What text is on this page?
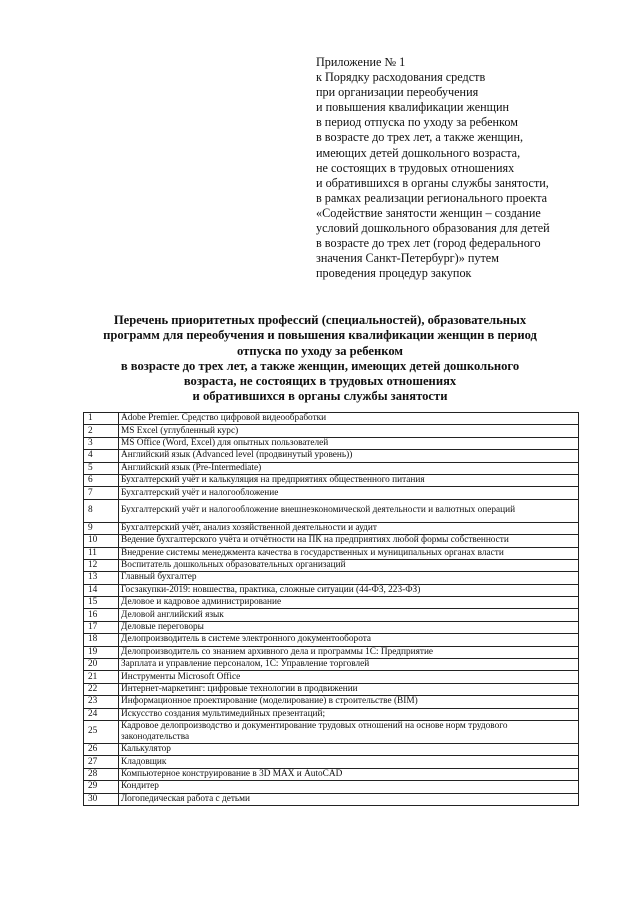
Приложение № 1
к Порядку расходования средств
при организации переобучения
и повышения квалификации женщин
в период отпуска по уходу за ребенком
в возрасте до трех лет, а также женщин,
имеющих детей дошкольного возраста,
не состоящих в трудовых отношениях
и обратившихся в органы службы занятости,
в рамках реализации регионального проекта
«Содействие занятости женщин – создание
условий дошкольного образования для детей
в возрасте до трех лет (город федерального
значения Санкт-Петербург)» путем
проведения процедур закупок
Перечень приоритетных профессий (специальностей), образовательных
программ для переобучения и повышения квалификации женщин в период
отпуска по уходу за ребенком
в возрасте до трех лет, а также женщин, имеющих детей дошкольного
возраста, не состоящих в трудовых отношениях
и обратившихся в органы службы занятости
1	Adobe Premier. Средство цифровой видеообработки
2	MS Excel (углубленный курс)
3	MS Office (Word, Excel) для опытных пользователей
4	Английский язык (Advanced level (продвинутый уровень))
5	Английский язык (Pre-Intermediate)
6	Бухгалтерский учёт и калькуляция на предприятиях общественного питания
7	Бухгалтерский учёт и налогообложение
8	Бухгалтерский учёт и налогообложение внешнеэкономической деятельности и валютных операций
9	Бухгалтерский учёт, анализ хозяйственной деятельности и аудит
10	Ведение бухгалтерского учёта и отчётности на ПК на предприятиях любой формы собственности
11	Внедрение системы менеджмента качества в государственных и муниципальных органах власти
12	Воспитатель дошкольных образовательных организаций
13	Главный бухгалтер
14	Госзакупки-2019: новшества, практика, сложные ситуации (44-ФЗ, 223-ФЗ)
15	Деловое и кадровое администрирование
16	Деловой английский язык
17	Деловые переговоры
18	Делопроизводитель в системе электронного документооборота
19	Делопроизводитель со знанием архивного дела и программы 1С: Предприятие
20	Зарплата и управление персоналом, 1С: Управление торговлей
21	Инструменты Microsoft Office
22	Интернет-маркетинг: цифровые технологии в продвижении
23	Информационное проектирование (моделирование) в строительстве (BIM)
24	Искусство создания мультимедийных презентаций;
25	Кадровое делопроизводство и документирование трудовых отношений на основе норм трудового законодательства
26	Калькулятор
27	Кладовщик
28	Компьютерное конструирование в 3D MAX и AutoCAD
29	Кондитер
30	Логопедическая работа с детьми
